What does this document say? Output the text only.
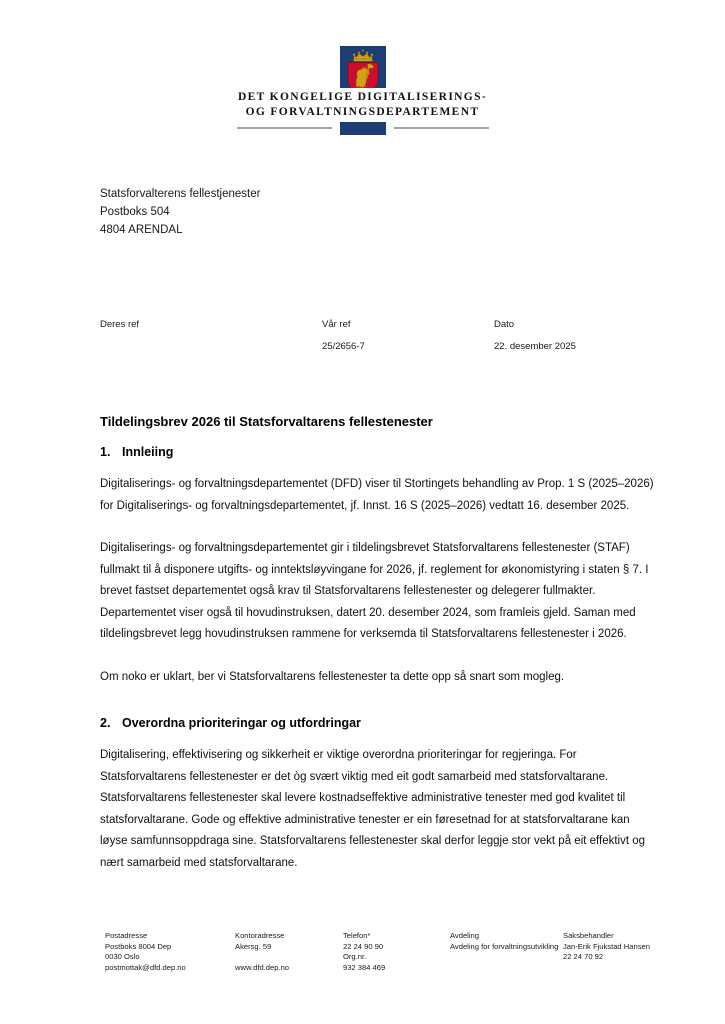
DET KONGELIGE DIGITALISERINGS-
OG FORVALTNINGSDEPARTEMENT
Statsforvalterens fellestjenester
Postboks 504
4804 ARENDAL
Deres ref	Vår ref
25/2656-7
Dato
22. desember 2025
Tildelingsbrev 2026 til Statsforvaltarens fellestenester
1. Innleiing

Digitaliserings- og forvaltningsdepartementet (DFD) viser til Stortingets behandling av Prop. 1 S (2025–2026) for Digitaliserings- og forvaltningsdepartementet, jf. Innst. 16 S (2025–2026) vedtatt 16. desember 2025.

Digitaliserings- og forvaltningsdepartementet gir i tildelingsbrevet Statsforvaltarens fellestenester (STAF) fullmakt til å disponere utgifts- og inntektsløyvingane for 2026, jf. reglement for økonomistyring i staten § 7. I brevet fastset departementet også krav til Statsforvaltarens fellestenester og delegerer fullmakter. Departementet viser også til hovudinstruksen, datert 20. desember 2024, som framleis gjeld. Saman med tildelingsbrevet legg hovudinstruksen rammene for verksemda til Statsforvaltarens fellestenester i 2026.

Om noko er uklart, ber vi Statsforvaltarens fellestenester ta dette opp så snart som mogleg.

2. Overordna prioriteringar og utfordringar

Digitalisering, effektivisering og sikkerheit er viktige overordna prioriteringar for regjeringa. For Statsforvaltarens fellestenester er det òg svært viktig med eit godt samarbeid med statsforvaltarane. Statsforvaltarens fellestenester skal levere kostnadseffektive administrative tenester med god kvalitet til statsforvaltarane. Gode og effektive administrative tenester er ein føresetnad for at statsforvaltarane kan løyse samfunnsoppdraga sine. Statsforvaltarens fellestenester skal derfor leggje stor vekt på eit effektivt og nært samarbeid med statsforvaltarane.

Postadresse
Postboks 8004 Dep
0030 Oslo
postmottak@dfd.dep.no
Kontoradresse
Akersg. 59

www.dfd.dep.no
Telefon*
22 24 90 90
Org.nr.
932 384 469
Avdeling
Avdeling for forvaltningsutvikling
Saksbehandler
Jan-Erik Fjukstad Hansen
22 24 70 92
